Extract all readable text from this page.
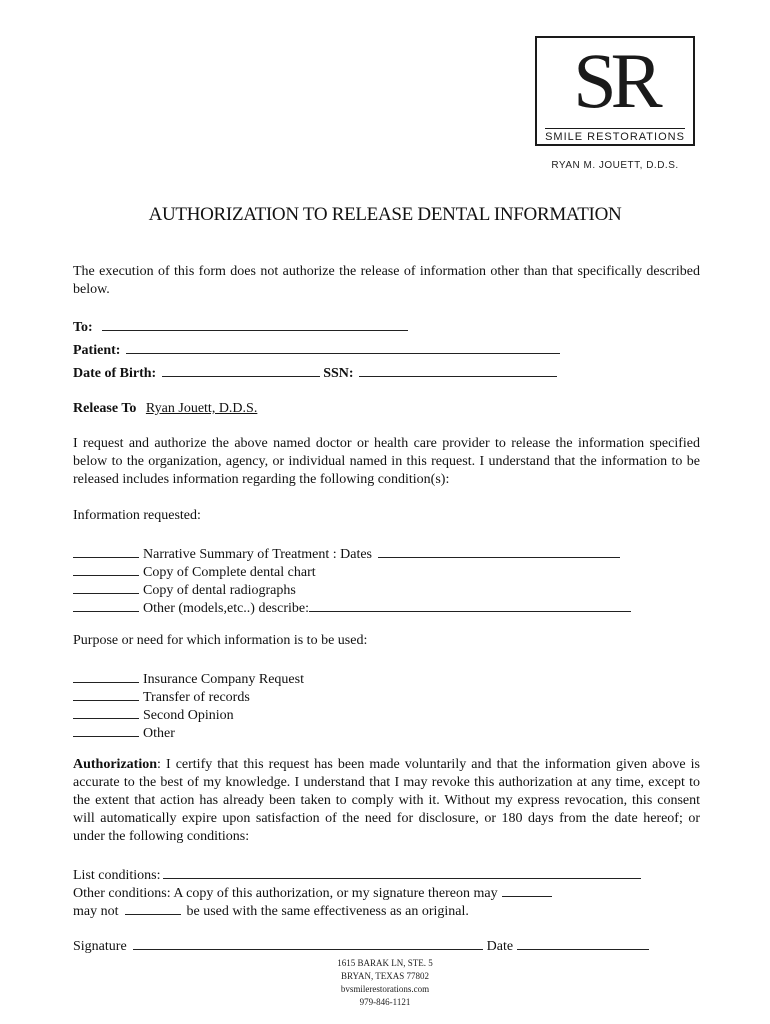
SR
SMILE RESTORATIONS
RYAN M. JOUETT, D.D.S.
AUTHORIZATION TO RELEASE DENTAL INFORMATION
The execution of this form does not authorize the release of information other than that specifically described below.
To:
Patient:
Date of Birth:	SSN:
Release To Ryan Jouett, D.D.S.
I request and authorize the above named doctor or health care provider to release the information specified below to the organization, agency, or individual named in this request. I understand that the information to be released includes information regarding the following condition(s):
Information requested:
Narrative Summary of Treatment : Dates
Copy of Complete dental chart
Copy of dental radiographs
Other (models,etc..) describe:
Purpose or need for which information is to be used:
Insurance Company Request
Transfer of records
Second Opinion
Other
Authorization: I certify that this request has been made voluntarily and that the information given above is accurate to the best of my knowledge. I understand that I may revoke this authorization at any time, except to the extent that action has already been taken to comply with it. Without my express revocation, this consent will automatically expire upon satisfaction of the need for disclosure, or 180 days from the date hereof; or under the following conditions:
List conditions:
Other conditions: A copy of this authorization, or my signature thereon may
may not	be used with the same effectiveness as an original.
Signature	Date
1615 BARAK LN, STE. 5
BRYAN, TEXAS 77802
bvsmilerestorations.com
979-846-1121
